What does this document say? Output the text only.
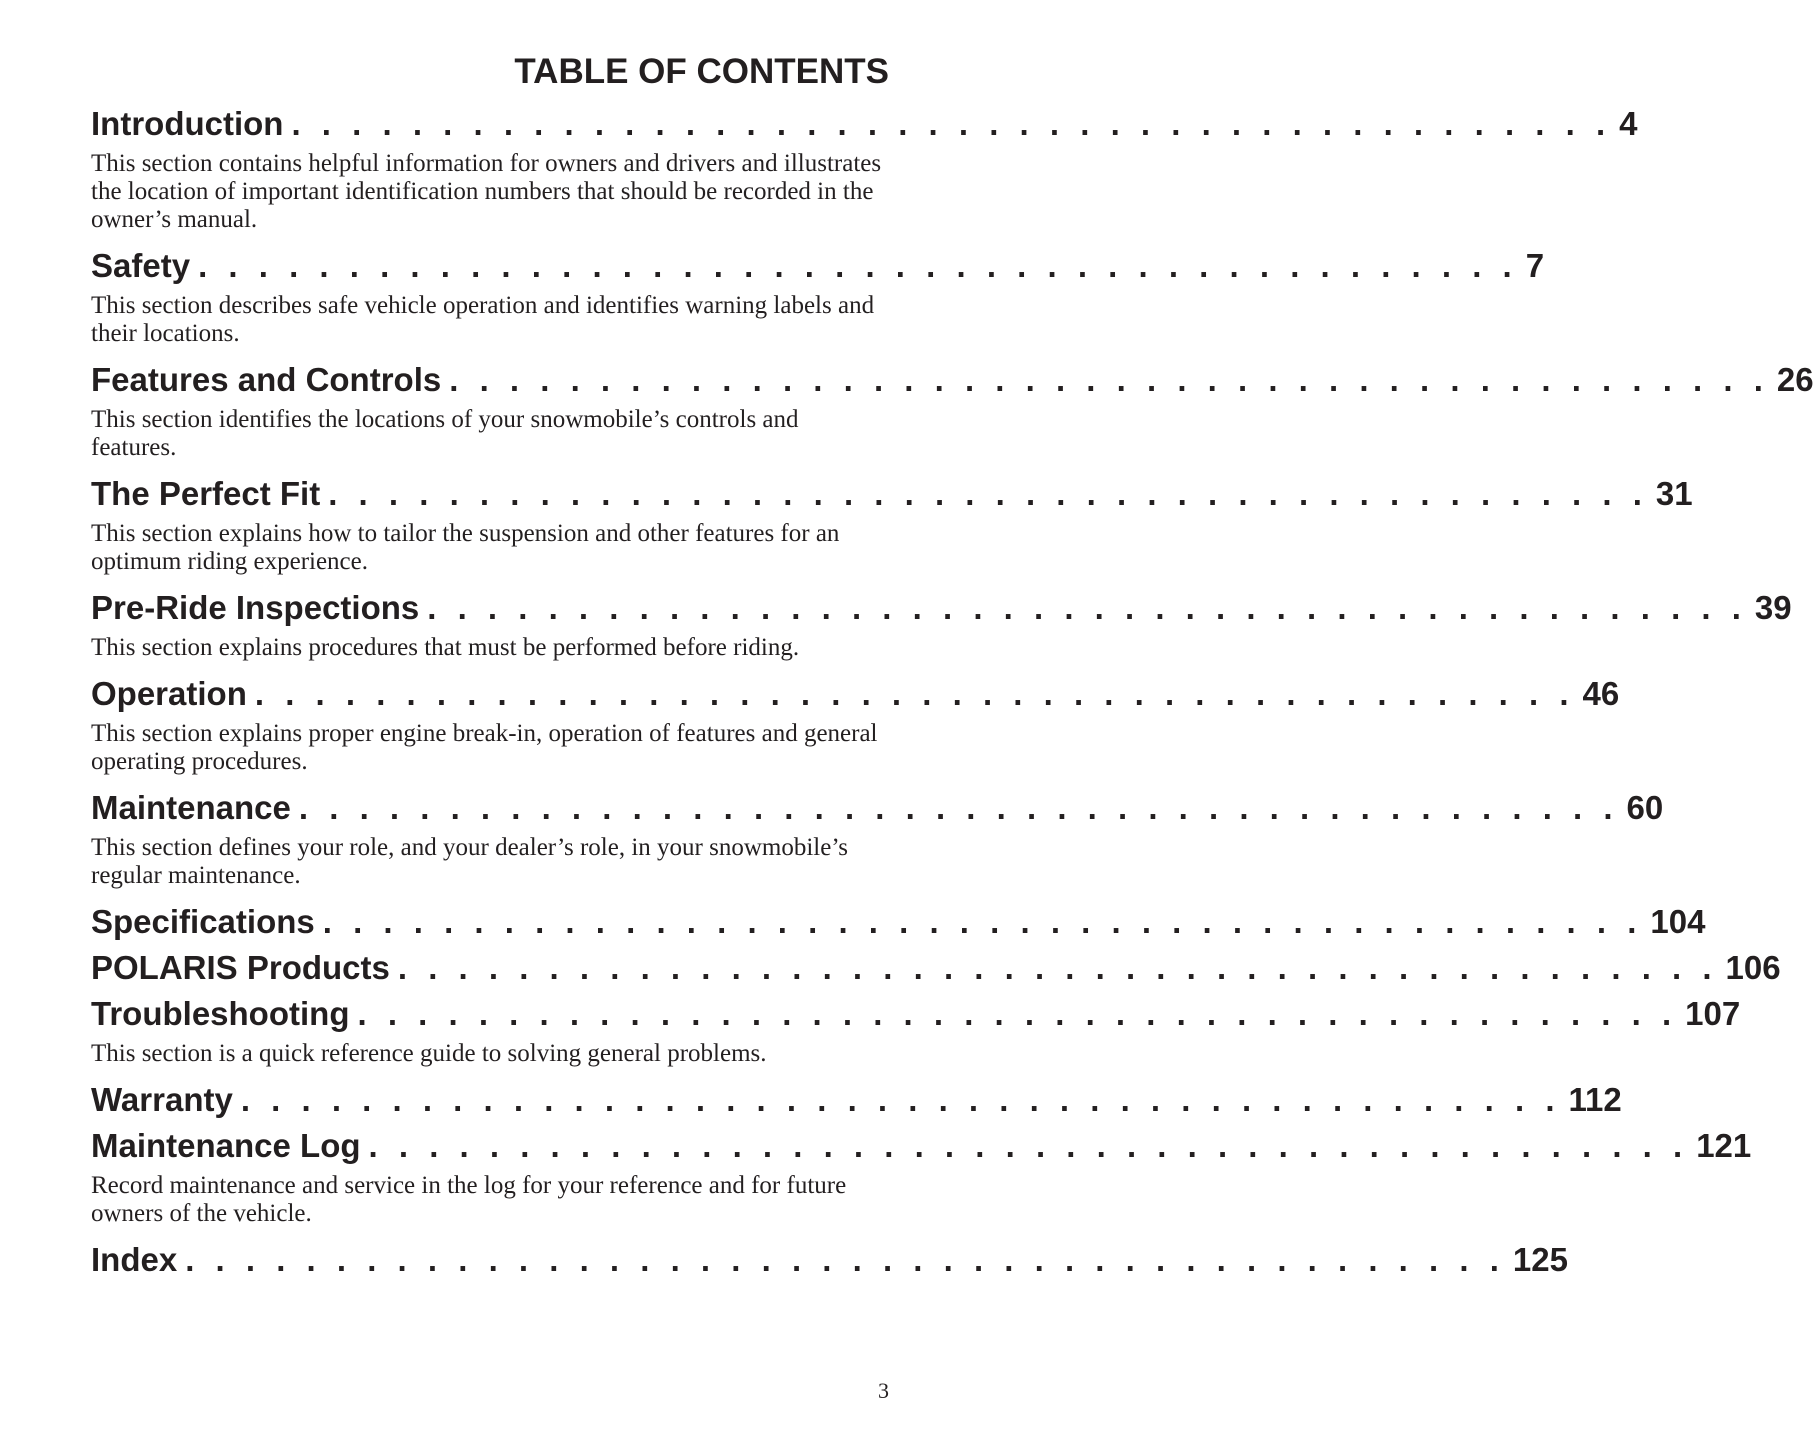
TABLE OF CONTENTS
Introduction . . . . . . . . . . . . . . . . . . . . . . . . . . . . . . . . . . . . . . . . . . . . 4
This section contains helpful information for owners and drivers and illustrates the location of important identification numbers that should be recorded in the owner’s manual.
Safety . . . . . . . . . . . . . . . . . . . . . . . . . . . . . . . . . . . . . . . . . . . . 7
This section describes safe vehicle operation and identifies warning labels and their locations.
Features and Controls . . . . . . . . . . . . . . . . . . . . . . . . . . . . . . . . . . . . . . . . . . . . 26
This section identifies the locations of your snowmobile’s controls and features.
The Perfect Fit . . . . . . . . . . . . . . . . . . . . . . . . . . . . . . . . . . . . . . . . . . . . 31
This section explains how to tailor the suspension and other features for an optimum riding experience.
Pre-Ride Inspections . . . . . . . . . . . . . . . . . . . . . . . . . . . . . . . . . . . . . . . . . . . . 39
This section explains procedures that must be performed before riding.
Operation . . . . . . . . . . . . . . . . . . . . . . . . . . . . . . . . . . . . . . . . . . . . 46
This section explains proper engine break-in, operation of features and general operating procedures.
Maintenance . . . . . . . . . . . . . . . . . . . . . . . . . . . . . . . . . . . . . . . . . . . . 60
This section defines your role, and your dealer’s role, in your snowmobile’s regular maintenance.
Specifications . . . . . . . . . . . . . . . . . . . . . . . . . . . . . . . . . . . . . . . . . . . . 104
POLARIS Products . . . . . . . . . . . . . . . . . . . . . . . . . . . . . . . . . . . . . . . . . . . . 106
Troubleshooting . . . . . . . . . . . . . . . . . . . . . . . . . . . . . . . . . . . . . . . . . . . . 107
This section is a quick reference guide to solving general problems.
Warranty . . . . . . . . . . . . . . . . . . . . . . . . . . . . . . . . . . . . . . . . . . . . 112
Maintenance Log . . . . . . . . . . . . . . . . . . . . . . . . . . . . . . . . . . . . . . . . . . . . 121
Record maintenance and service in the log for your reference and for future owners of the vehicle.
Index . . . . . . . . . . . . . . . . . . . . . . . . . . . . . . . . . . . . . . . . . . . . 125
3
